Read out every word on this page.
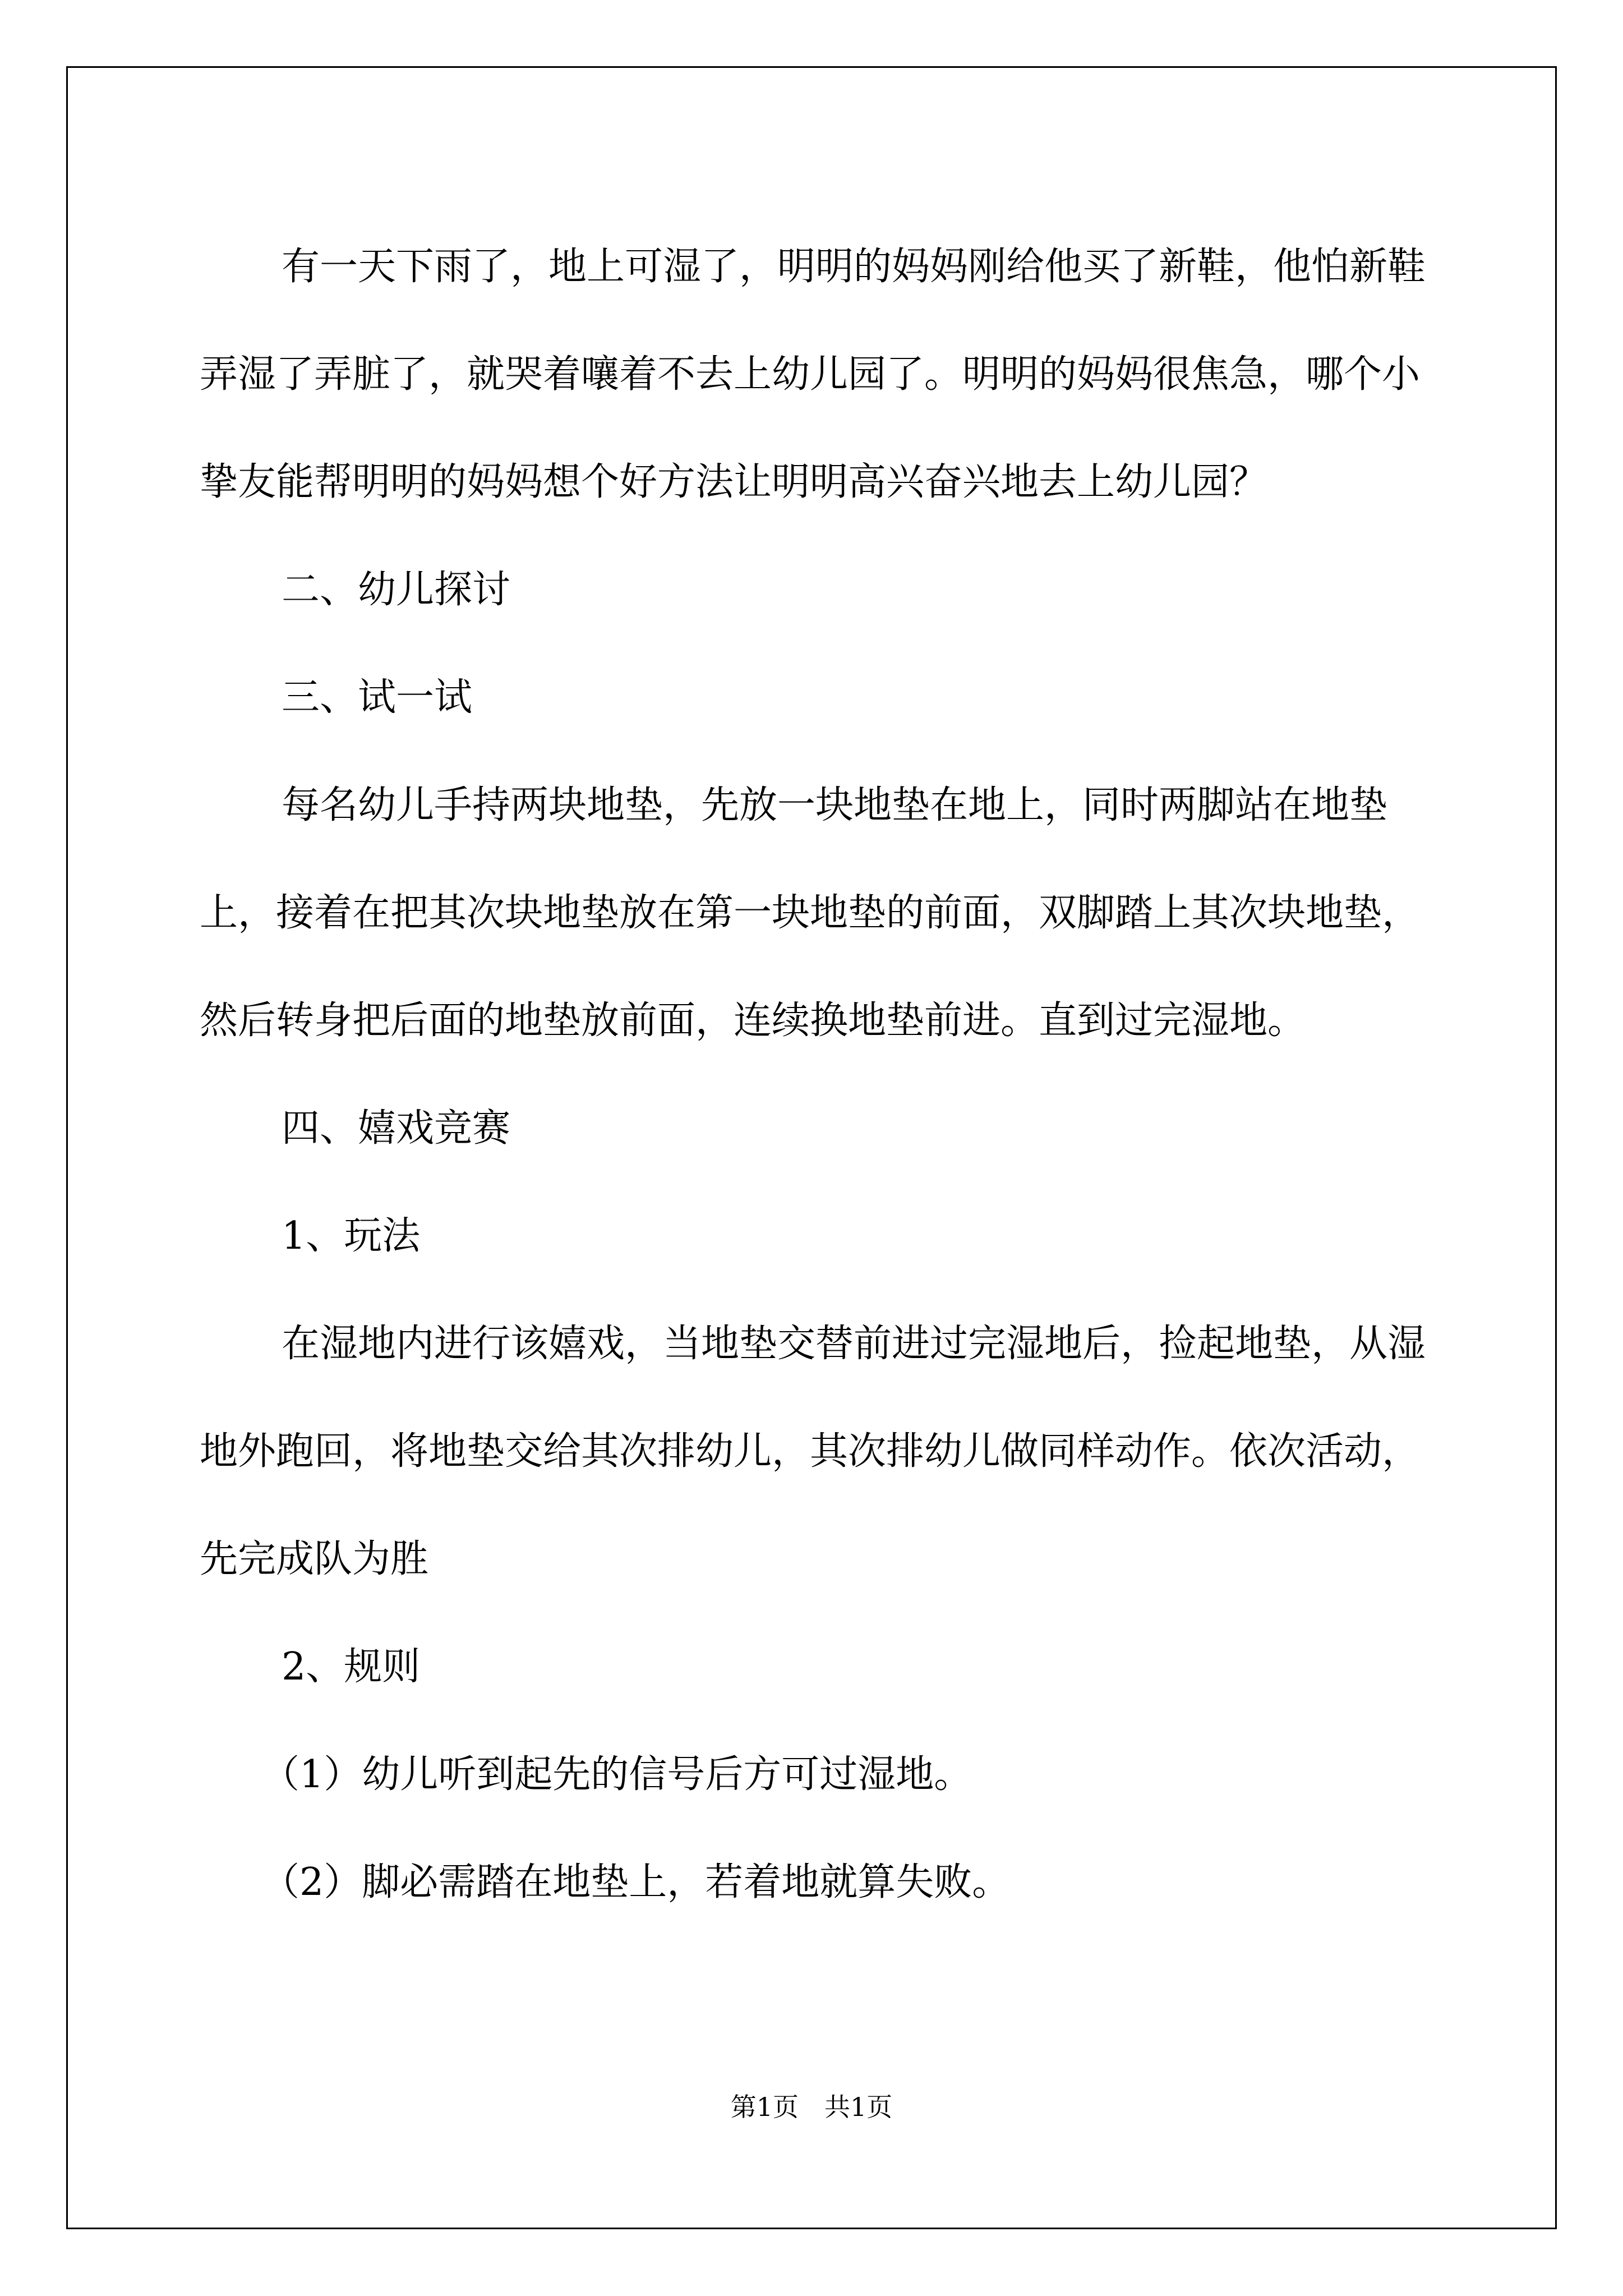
有一天下雨了，地上可湿了，明明的妈妈刚给他买了新鞋，他怕新鞋弄湿了弄脏了，就哭着嚷着不去上幼儿园了。明明的妈妈很焦急，哪个小挚友能帮明明的妈妈想个好方法让明明高兴奋兴地去上幼儿园？

二、幼儿探讨

三、试一试

每名幼儿手持两块地垫，先放一块地垫在地上，同时两脚站在地垫上，接着在把其次块地垫放在第一块地垫的前面，双脚踏上其次块地垫，然后转身把后面的地垫放前面，连续换地垫前进。直到过完湿地。

四、嬉戏竞赛

1、玩法

在湿地内进行该嬉戏，当地垫交替前进过完湿地后，捡起地垫，从湿地外跑回，将地垫交给其次排幼儿，其次排幼儿做同样动作。依次活动，先完成队为胜

2、规则

（1）幼儿听到起先的信号后方可过湿地。

（2）脚必需踏在地垫上，若着地就算失败。

第1页　共1页
